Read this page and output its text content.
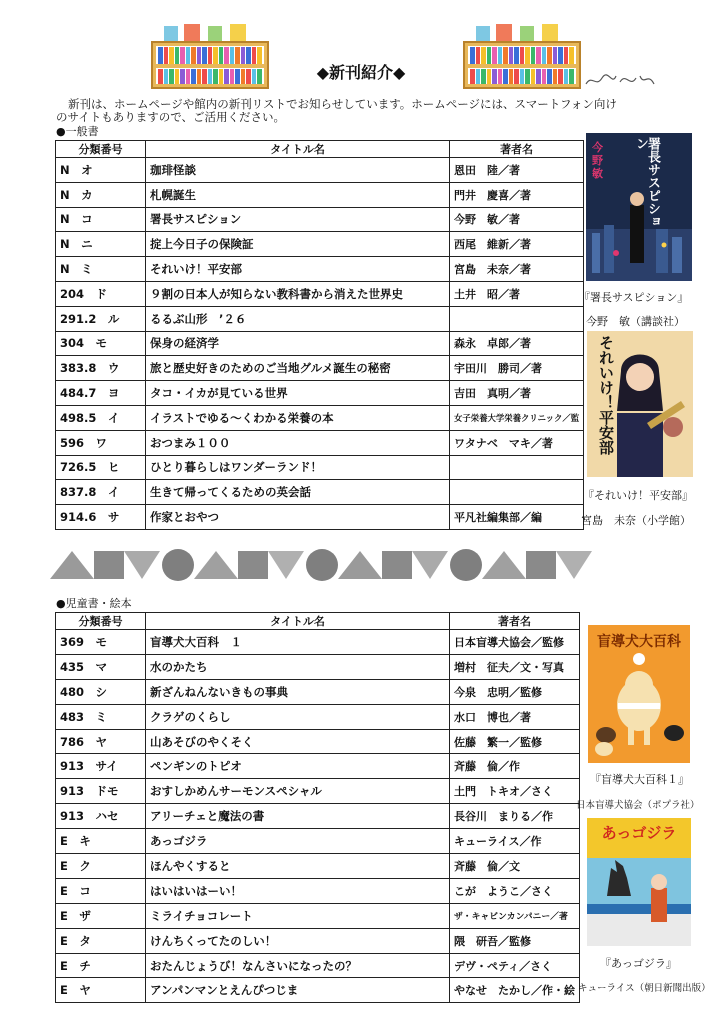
◆新刊紹介◆
新刊は、ホームページや館内の新刊リストでお知らせしています。ホームページには、スマートフォン向け
のサイトもありますので、ご活用ください。
●一般書
分類番号	タイトル名	著者名
N　オ	珈琲怪談	恩田　陸／著
N　カ	札幌誕生	門井　慶喜／著
N　コ	署長サスピション	今野　敏／著
N　ニ	掟上今日子の保険証	西尾　維新／著
N　ミ	それいけ！平安部	宮島　未奈／著
204　ド	９割の日本人が知らない教科書から消えた世界史	土井　昭／著
291.2　ル	るるぶ山形　’２６	
304　モ	保身の経済学	森永　卓郎／著
383.8　ウ	旅と歴史好きのためのご当地グルメ誕生の秘密	宇田川　勝司／著
484.7　ヨ	タコ・イカが見ている世界	吉田　真明／著
498.5　イ	イラストでゆる～くわかる栄養の本	女子栄養大学栄養クリニック／監
596　ワ	おつまみ１００	ワタナベ　マキ／著
726.5　ヒ	ひとり暮らしはワンダーランド！	
837.8　イ	生きて帰ってくるための英会話	
914.6　サ	作家とおやつ	平凡社編集部／編
今野
敏	署長サスピション
『署長サスピション』
今野　敏（講談社）
それいけ！平安部
『それいけ！平安部』
宮島　未奈（小学館）
●児童書・絵本
分類番号	タイトル名	著者名
369　モ	盲導犬大百科　１	日本盲導犬協会／監修
435　マ	水のかたち	増村　征夫／文・写真
480　シ	新ざんねんないきもの事典	今泉　忠明／監修
483　ミ	クラゲのくらし	水口　博也／著
786　ヤ	山あそびのやくそく	佐藤　繁一／監修
913　サイ	ペンギンのトピオ	斉藤　倫／作
913　ドモ	おすしかめんサーモンスペシャル	土門　トキオ／さく
913　ハセ	アリーチェと魔法の書	長谷川　まりる／作
E　キ	あっゴジラ	キューライス／作
E　ク	ほんやくすると	斉藤　倫／文
E　コ	はいはいはーい！	こが　ようこ／さく
E　ザ	ミライチョコレート	ザ・キャビンカンパニー／著
E　タ	けんちくってたのしい！	隈　研吾／監修
E　チ	おたんじょうび！なんさいになったの？	デヴ・ペティ／さく
E　ヤ	アンパンマンとえんぴつじま	やなせ　たかし／作・絵
盲導犬大百科
『盲導犬大百科１』
日本盲導犬協会（ポプラ社）
あっゴジラ
『あっゴジラ』
キューライス（朝日新聞出版）
